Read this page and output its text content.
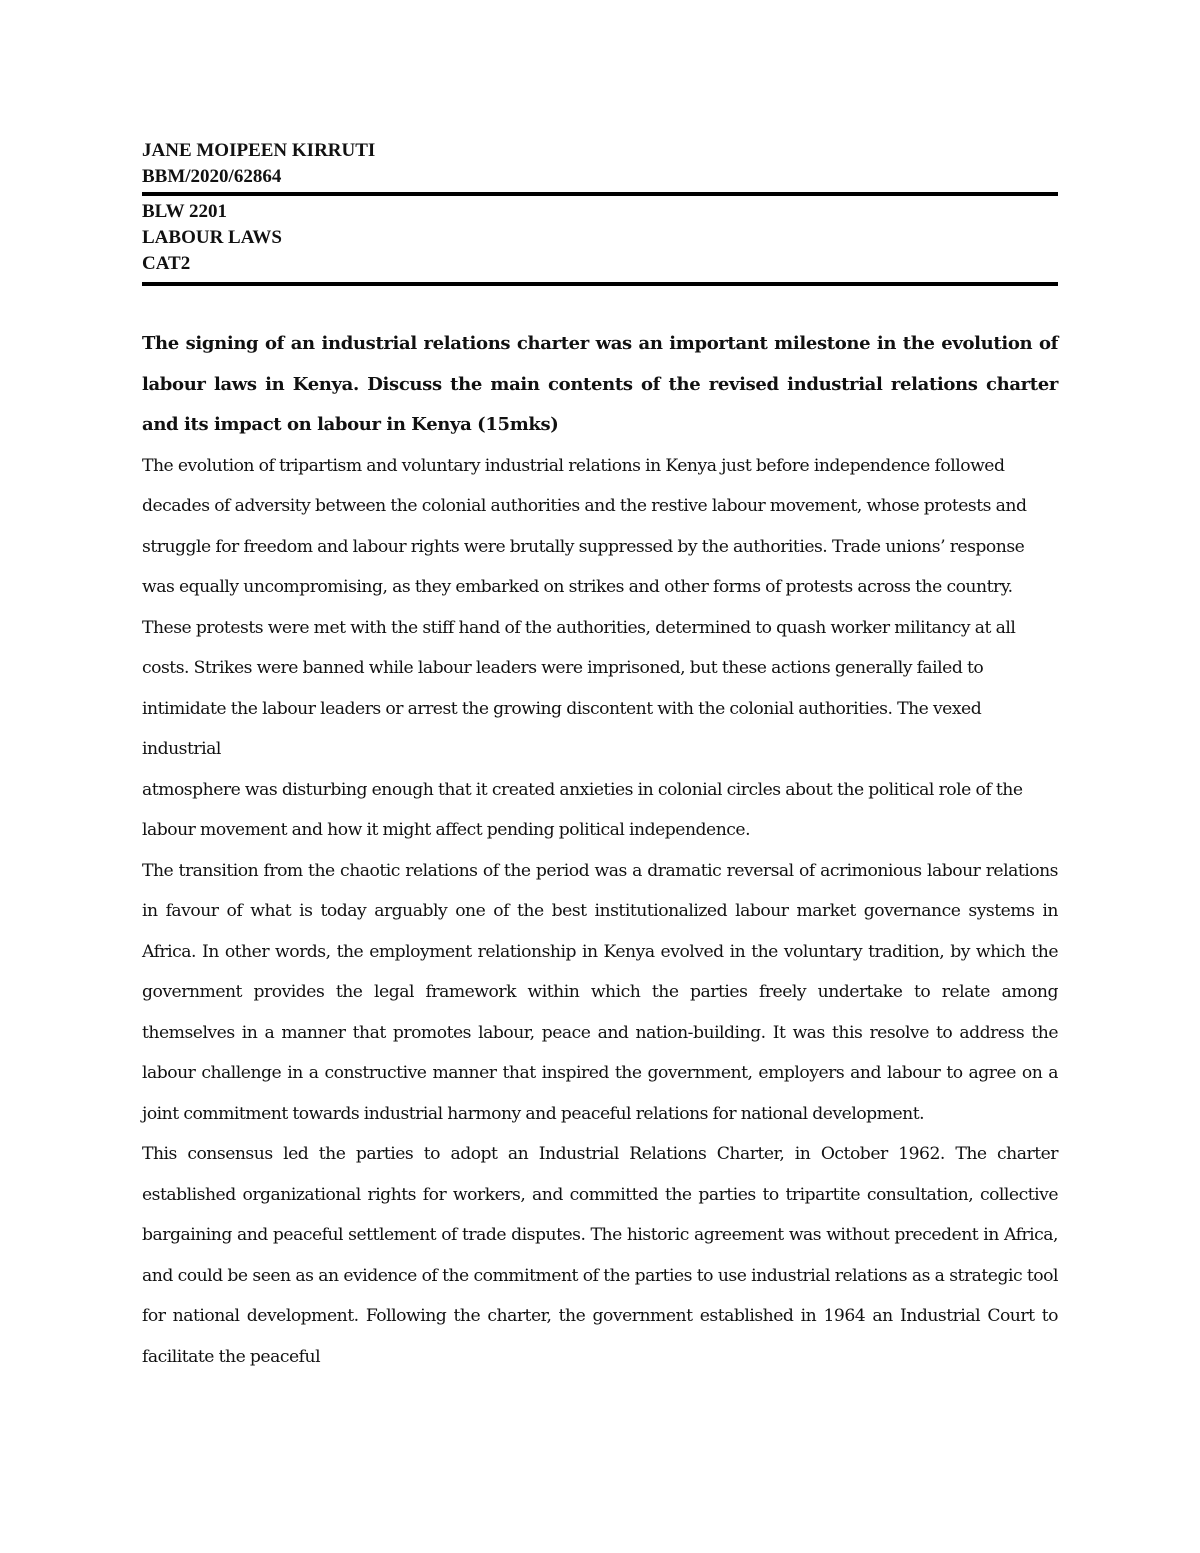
JANE MOIPEEN KIRRUTI

BBM/2020/62864

BLW 2201

LABOUR LAWS

CAT2

The signing of an industrial relations charter was an important milestone in the evolution of labour laws in Kenya. Discuss the main contents of the revised industrial relations charter and its impact on labour in Kenya (15mks)

The evolution of tripartism and voluntary industrial relations in Kenya just before independence followed decades of adversity between the colonial authorities and the restive labour movement, whose protests and struggle for freedom and labour rights were brutally suppressed by the authorities. Trade unions’ response was equally uncompromising, as they embarked on strikes and other forms of protests across the country. These protests were met with the stiff hand of the authorities, determined to quash worker militancy at all costs. Strikes were banned while labour leaders were imprisoned, but these actions generally failed to intimidate the labour leaders or arrest the growing discontent with the colonial authorities. The vexed industrial

atmosphere was disturbing enough that it created anxieties in colonial circles about the political role of the labour movement and how it might affect pending political independence.

The transition from the chaotic relations of the period was a dramatic reversal of acrimonious labour relations in favour of what is today arguably one of the best institutionalized labour market governance systems in Africa. In other words, the employment relationship in Kenya evolved in the voluntary tradition, by which the government provides the legal framework within which the parties freely undertake to relate among themselves in a manner that promotes labour, peace and nation-building. It was this resolve to address the labour challenge in a constructive manner that inspired the government, employers and labour to agree on a joint commitment towards industrial harmony and peaceful relations for national development.

This consensus led the parties to adopt an Industrial Relations Charter, in October 1962. The charter established organizational rights for workers, and committed the parties to tripartite consultation, collective bargaining and peaceful settlement of trade disputes. The historic agreement was without precedent in Africa, and could be seen as an evidence of the commitment of the parties to use industrial relations as a strategic tool for national development. Following the charter, the government established in 1964 an Industrial Court to facilitate the peaceful
